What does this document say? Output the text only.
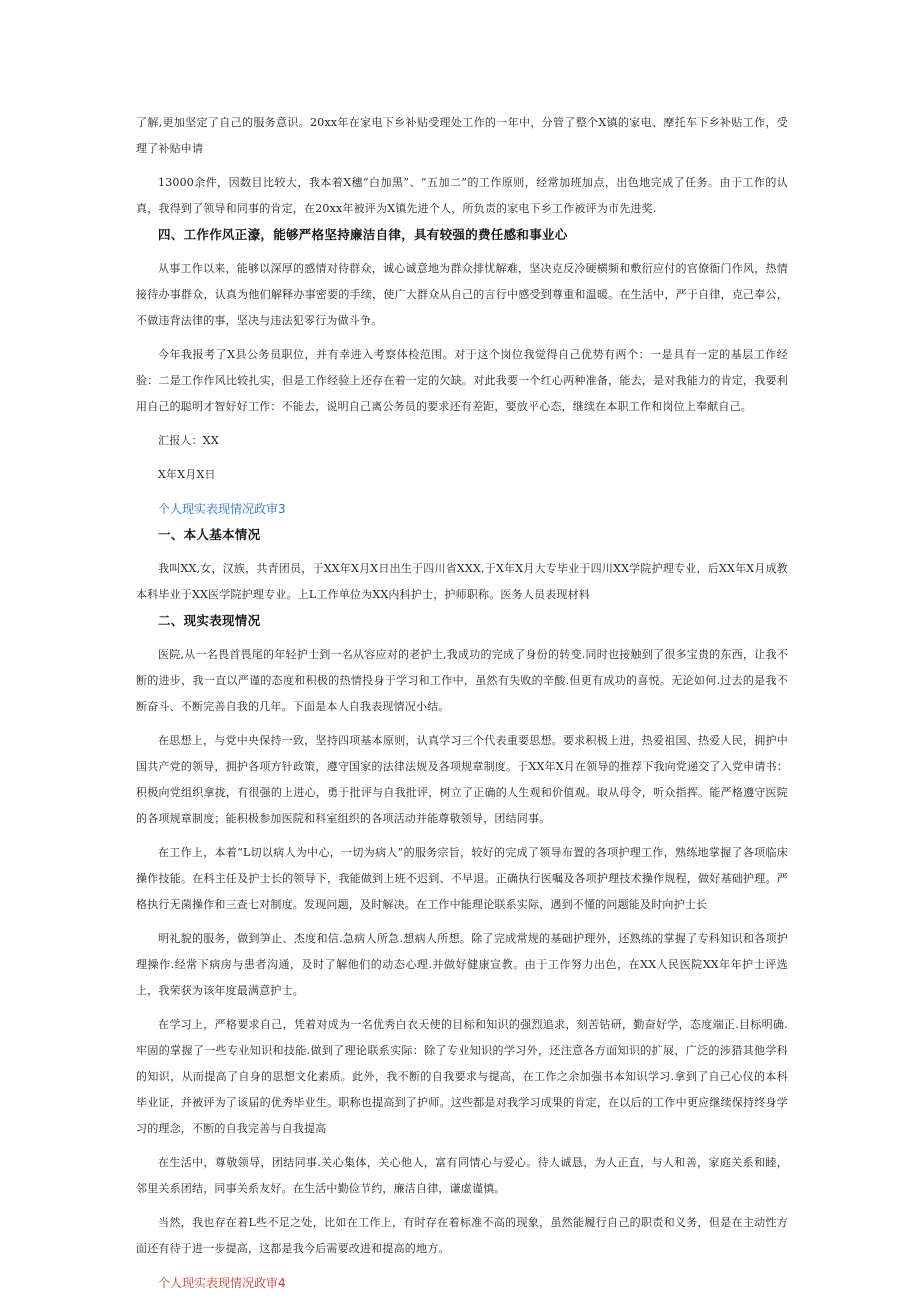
了解,更加坚定了自己的服务意识。20xx年在家电下乡补贴受理处工作的一年中，分管了整个X镇的家电、摩托车下乡补贴工作，受理了补贴申请

13000余件，因数目比较大，我本着X穗“白加黑”、“五加二”的工作原则，经常加班加点，出色地完成了任务。由于工作的认真，我得到了领导和同事的肯定，在20xx年被评为X镇先进个人，所负责的家电下乡工作被评为市先进奖.

四、工作作风正濠，能够严格坚持廉洁自律，具有较强的费任感和事业心

从事工作以来，能够以深厚的感情对待群众，诚心诚意地为群众排忧解难，坚决克反冷硬横频和敷衍应付的官僚衙门作风，热情接待办事群众，认真为他们解释办事密要的手续，使广大群众从自己的言行中感受到尊重和温暖。在生活中，严于自律，克己奉公，不做违背法律的事，坚决与违法犯零行为做斗争。

今年我报考了X县公务员职位，并有幸进入考察体检范围。对于这个岗位我觉得自己优势有两个：一是具有一定的基层工作经验：二是工作作风比较扎实，但是工作经验上还存在着一定的欠缺。对此我要一个红心两种准备，能去，是对我能力的肯定，我要利用自己的聪明才智好好工作：不能去，说明自己离公务员的要求还有差距，要放平心态，继续在本职工作和岗位上奉献自己。

汇报人：XX

X年X月X日

个人现实表现情况政审3
一、本人基本情况

我叫XX,女，汉族，共青团员，于XX年X月X日出生于四川省XXX,于X年X月大专毕业于四川XX学院护理专业，后XX年X月成教本科毕业于XX医学院护理专业。上L工作单位为XX内科护士，护师职称。医务人员表现材料

二、现实表现情况

医院,从一名畏首畏尾的年轻护士到一名从容应对的老护士,我成功的完成了身份的转变.同时也接触到了很多宝贵的东西，让我不断的进步，我一直以严谨的态度和积极的热情投身于学习和工作中，虽然有失败的辛酸.但更有成功的喜悦。无论如何.过去的是我不断奋斗、不断完善自我的几年。下面是本人自我表现情况小结。

在思想上，与党中央保持一致，坚持四项基本原则，认真学习三个代表重要思想。要求积极上进，热爱祖国、热爱人民，拥护中国共产党的领导，拥护各项方针政策，遵守国家的法律法规及各项规章制度。于XX年X月在领导的推荐下我向党递交了入党申请书：积极向党组织拿拢，有很强的上进心，勇于批评与自我批评，树立了正确的人生观和价值观。取从母令，听众指挥。能严格遵守医院的各项规章制度；能积极参加医院和科室组织的各项活动并能尊敬领导，团结同事。

在工作上，本着“L切以病人为中心，一切为病人”的服务宗旨，较好的完成了领导布置的各项护理工作，熟练地掌握了各项临床操作技能。在科主任及护士长的领导下，我能做到上班不迟到、不早退。正确执行医嘱及各项护理技术操作规程，做好基础护理。严格执行无菌操作和三查七对制度。发现问题，及时解决。在工作中能理论联系实际，遇到不懂的问题能及时向护士长

明礼貌的服务，做到笋止、杰度和信.急病人所急.想病人所想。除了完成常规的基础护理外，还熟练的掌握了专科知识和各项护理操作.经常下病房与患者沟通，及时了解他们的动态心理.并做好健康宣教。由于工作努力出色，在XX人民医院XX年年护士评选上，我荣获为该年度最满意护士。

在学习上，严格要求自己，凭着对成为一名优秀白衣天使的目标和知识的强烈追求，刻苦钻研，勤奋好学，态度端正.目标明确.牢固的掌握了一些专业知识和技能.做到了理论联系实际：除了专业知识的学习外，还注意各方面知识的扩展，广泛的涉猎其他学科的知识，从而提高了自身的思想文化素质。此外，我不断的自我要求与提高，在工作之余加强书本知识学习.拿到了自己心仪的本科毕业证，并被评为了该届的优秀毕业生。职称也提高到了护师。这些都是对我学习成果的肯定，在以后的工作中更应继续保持终身学习的理念，不断的自我完善与自我提高

在生活中，尊敬领导，团结同事.关心集体，关心他人，富有同情心与爱心。待人诚恳，为人正直，与人和善，家庭关系和睦，邻里关系团结，同事关系友好。在生活中勤俭节约，廉洁自律，谦虚谨慎。

当然，我也存在着L些不足之处，比如在工作上，有时存在着标准不高的现象，虽然能履行自己的职责和义务，但是在主动性方面还有待于进一步提高，这都是我今后需要改进和提高的地方。

个人现实表现情况政审4
